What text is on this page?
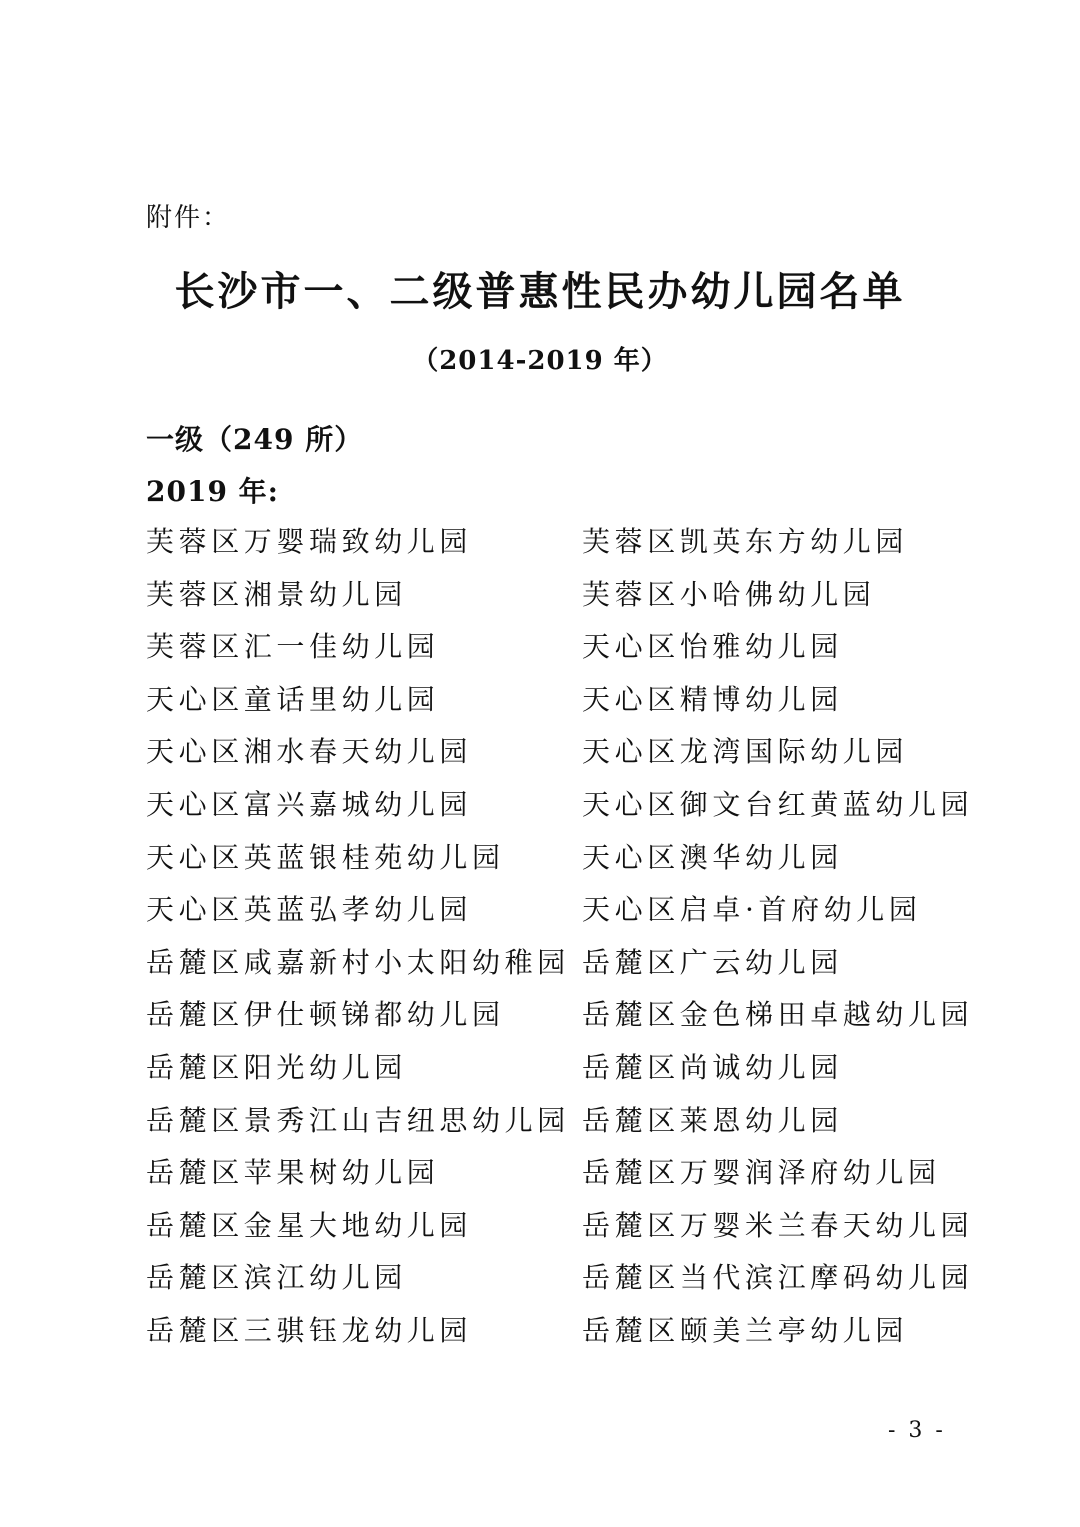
附件：
长沙市一、二级普惠性民办幼儿园名单
（2014-2019 年）
一级（249 所）
2019 年:
芙蓉区万婴瑞致幼儿园
芙蓉区湘景幼儿园
芙蓉区汇一佳幼儿园
天心区童话里幼儿园
天心区湘水春天幼儿园
天心区富兴嘉城幼儿园
天心区英蓝银桂苑幼儿园
天心区英蓝弘孝幼儿园
岳麓区咸嘉新村小太阳幼稚园
岳麓区伊仕顿锑都幼儿园
岳麓区阳光幼儿园
岳麓区景秀江山吉纽思幼儿园
岳麓区苹果树幼儿园
岳麓区金星大地幼儿园
岳麓区滨江幼儿园
岳麓区三骐钰龙幼儿园
芙蓉区凯英东方幼儿园
芙蓉区小哈佛幼儿园
天心区怡雅幼儿园
天心区精博幼儿园
天心区龙湾国际幼儿园
天心区御文台红黄蓝幼儿园
天心区澳华幼儿园
天心区启卓·首府幼儿园
岳麓区广云幼儿园
岳麓区金色梯田卓越幼儿园
岳麓区尚诚幼儿园
岳麓区莱恩幼儿园
岳麓区万婴润泽府幼儿园
岳麓区万婴米兰春天幼儿园
岳麓区当代滨江摩码幼儿园
岳麓区颐美兰亭幼儿园
- 3 -
